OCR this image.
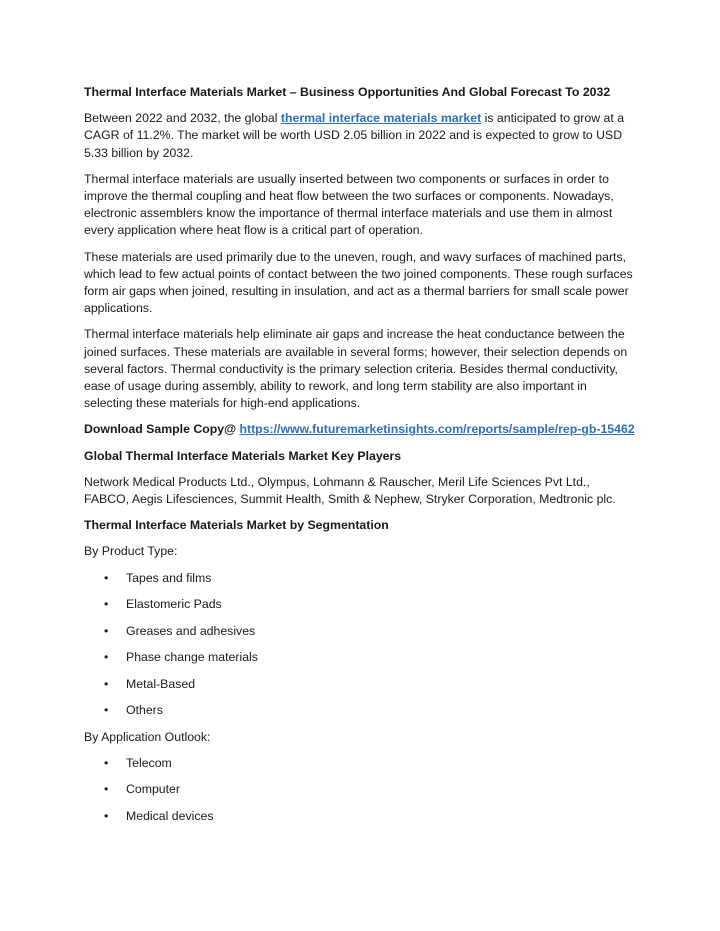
Thermal Interface Materials Market – Business Opportunities And Global Forecast To 2032

Between 2022 and 2032, the global thermal interface materials market is anticipated to grow at a CAGR of 11.2%. The market will be worth USD 2.05 billion in 2022 and is expected to grow to USD 5.33 billion by 2032.

Thermal interface materials are usually inserted between two components or surfaces in order to improve the thermal coupling and heat flow between the two surfaces or components. Nowadays, electronic assemblers know the importance of thermal interface materials and use them in almost every application where heat flow is a critical part of operation.

These materials are used primarily due to the uneven, rough, and wavy surfaces of machined parts, which lead to few actual points of contact between the two joined components. These rough surfaces form air gaps when joined, resulting in insulation, and act as a thermal barriers for small scale power applications.

Thermal interface materials help eliminate air gaps and increase the heat conductance between the joined surfaces. These materials are available in several forms; however, their selection depends on several factors. Thermal conductivity is the primary selection criteria. Besides thermal conductivity, ease of usage during assembly, ability to rework, and long term stability are also important in selecting these materials for high-end applications.

Download Sample Copy@ https://www.futuremarketinsights.com/reports/sample/rep-gb-15462

Global Thermal Interface Materials Market Key Players

Network Medical Products Ltd., Olympus, Lohmann & Rauscher, Meril Life Sciences Pvt Ltd., FABCO, Aegis Lifesciences, Summit Health, Smith & Nephew, Stryker Corporation, Medtronic plc.

Thermal Interface Materials Market by Segmentation

By Product Type:

• Tapes and films
• Elastomeric Pads
• Greases and adhesives
• Phase change materials
• Metal-Based
• Others

By Application Outlook:

• Telecom
• Computer
• Medical devices
